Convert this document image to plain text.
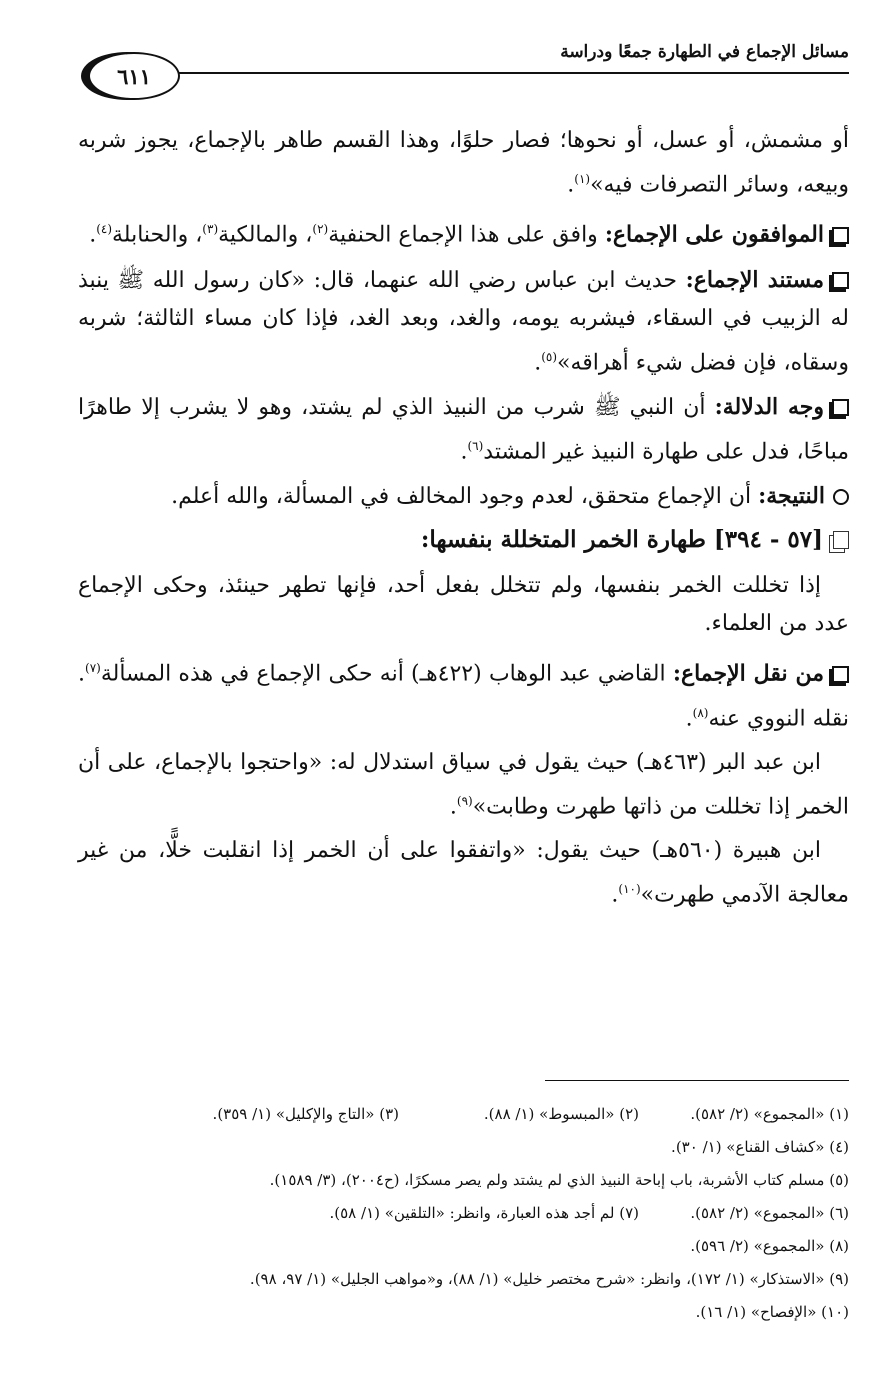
مسائل الإجماع في الطهارة جمعًا ودراسة
٦١١

أو مشمش، أو عسل، أو نحوها؛ فصار حلوًا، وهذا القسم طاهر بالإجماع، يجوز شربه وبيعه، وسائر التصرفات فيه»$^{(١)}$.

الموافقون على الإجماع: وافق على هذا الإجماع الحنفية$^{(٢)}$، والمالكية$^{(٣)}$، والحنابلة$^{(٤)}$.

مستند الإجماع: حديث ابن عباس رضي الله عنهما، قال: «كان رسول الله ﷺ ينبذ له الزبيب في السقاء، فيشربه يومه، والغد، وبعد الغد، فإذا كان مساء الثالثة؛ شربه وسقاه، فإن فضل شيء أهراقه»$^{(٥)}$.

وجه الدلالة: أن النبي ﷺ شرب من النبيذ الذي لم يشتد، وهو لا يشرب إلا طاهرًا مباحًا، فدل على طهارة النبيذ غير المشتد$^{(٦)}$.

النتيجة: أن الإجماع متحقق، لعدم وجود المخالف في المسألة، والله أعلم.

[٥٧ - ٣٩٤] طهارة الخمر المتخللة بنفسها:

إذا تخللت الخمر بنفسها، ولم تتخلل بفعل أحد، فإنها تطهر حينئذ، وحكى الإجماع عدد من العلماء.

من نقل الإجماع: القاضي عبد الوهاب (٤٢٢هـ) أنه حكى الإجماع في هذه المسألة$^{(٧)}$. نقله النووي عنه$^{(٨)}$.

ابن عبد البر (٤٦٣هـ) حيث يقول في سياق استدلال له: «واحتجوا بالإجماع، على أن الخمر إذا تخللت من ذاتها طهرت وطابت»$^{(٩)}$.

ابن هبيرة (٥٦٠هـ) حيث يقول: «واتفقوا على أن الخمر إذا انقلبت خلًّا، من غير معالجة الآدمي طهرت»$^{(١٠)}$.

(١) «المجموع» (٢/ ٥٨٢).
(٢) «المبسوط» (١/ ٨٨).
(٣) «التاج والإكليل» (١/ ٣٥٩).
(٤) «كشاف القناع» (١/ ٣٠).
(٥) مسلم كتاب الأشربة، باب إباحة النبيذ الذي لم يشتد ولم يصر مسكرًا، (ح٢٠٠٤)، (٣/ ١٥٨٩).
(٦) «المجموع» (٢/ ٥٨٢).
(٧) لم أجد هذه العبارة، وانظر: «التلقين» (١/ ٥٨).
(٨) «المجموع» (٢/ ٥٩٦).
(٩) «الاستذكار» (١/ ١٧٢)، وانظر: «شرح مختصر خليل» (١/ ٨٨)، و«مواهب الجليل» (١/ ٩٧، ٩٨).
(١٠) «الإفصاح» (١/ ١٦).
